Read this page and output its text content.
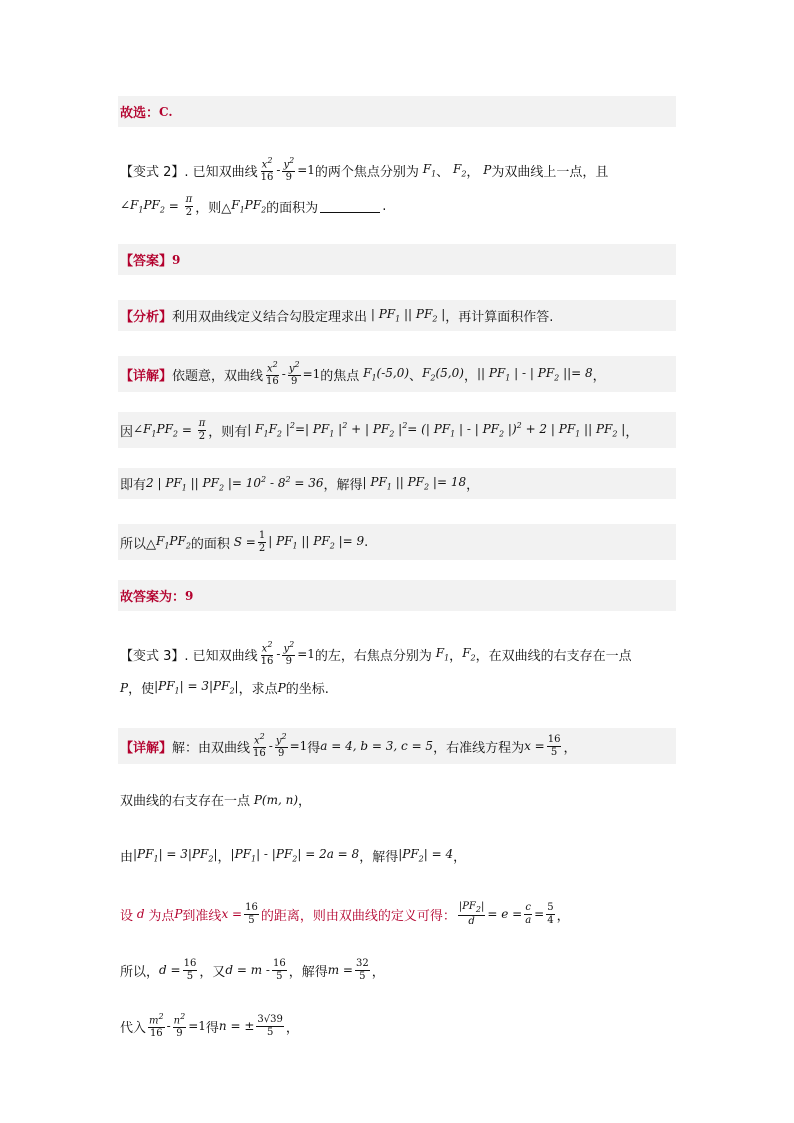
故选： C.
【变式 2】 . 已知双曲线 $\frac{x^2}{16} - \frac{y^2}{9} =1$ 的两个焦点分别为 $F_1$ 、 $F_2$ ， P 为双曲线上一点，且
$\angle F_1PF_2 = \frac{\pi}{2}$ ，则△ $F_1PF_2$ 的面积为	.
【答案】 9
【分析】 利用双曲线定义结合勾股定理求出 | $PF_1$ || $PF_2$ | ，再计算面积作答.
【详解】 依题意，双曲线 $\frac{x^2}{16} - \frac{y^2}{9} =1$ 的焦点 $F_1(-5,0)$ 、 $F_2(5,0)$ ， || $PF_1$ | - | $PF_2$ ||= 8 ，
因 $\angle F_1PF_2 = \frac{\pi}{2}$ ，则有 | $F_1F_2$ $|^2=|$ $PF_1$ $|^2$ + | $PF_2$ $|^2=$ (| $PF_1$ | - | $PF_2$ |)$^2$ + 2 | $PF_1$ || $PF_2$ | ，
即有 2 | $PF_1$ || $PF_2$ |= $10^2 - 8^2 = 36$ ，解得 | $PF_1$ || $PF_2$ |= 18 ，
所以△ $F_1PF_2$ 的面积 $S = \frac{1}{2}$ | $PF_1$ || $PF_2$ |= 9 .
故答案为： 9
【变式 3】 . 已知双曲线 $\frac{x^2}{16} - \frac{y^2}{9} =1$ 的左，右焦点分别为 $F_1$ ， $F_2$ ，在双曲线的右支存在一点
P ，使 $|PF_1| = 3|PF_2|$ ，求点 P 的坐标.
【详解】 解：由双曲线 $\frac{x^2}{16} - \frac{y^2}{9} =1$ 得 a = 4, b = 3, c = 5 ，右准线方程为 $x = \frac{16}{5}$ ，
双曲线的右支存在一点 P(m, n) ，
由 $|PF_1| = 3|PF_2|$ ， $|PF_1| - |PF_2| = 2a = 8$ ，解得 $|PF_2| = 4$ ，
设 d 为点 P 到准线 $x = \frac{16}{5}$ 的距离，则由双曲线的定义可得： $\frac{|PF_2|}{d} = e = \frac{c}{a} = \frac{5}{4}$ ，
所以， $d = \frac{16}{5}$ ，又 $d = m - \frac{16}{5}$ ，解得 $m = \frac{32}{5}$ ，
代入 $\frac{m^2}{16} - \frac{n^2}{9} =1$ 得 n = ± $\frac{3√39}{5}$ ，
